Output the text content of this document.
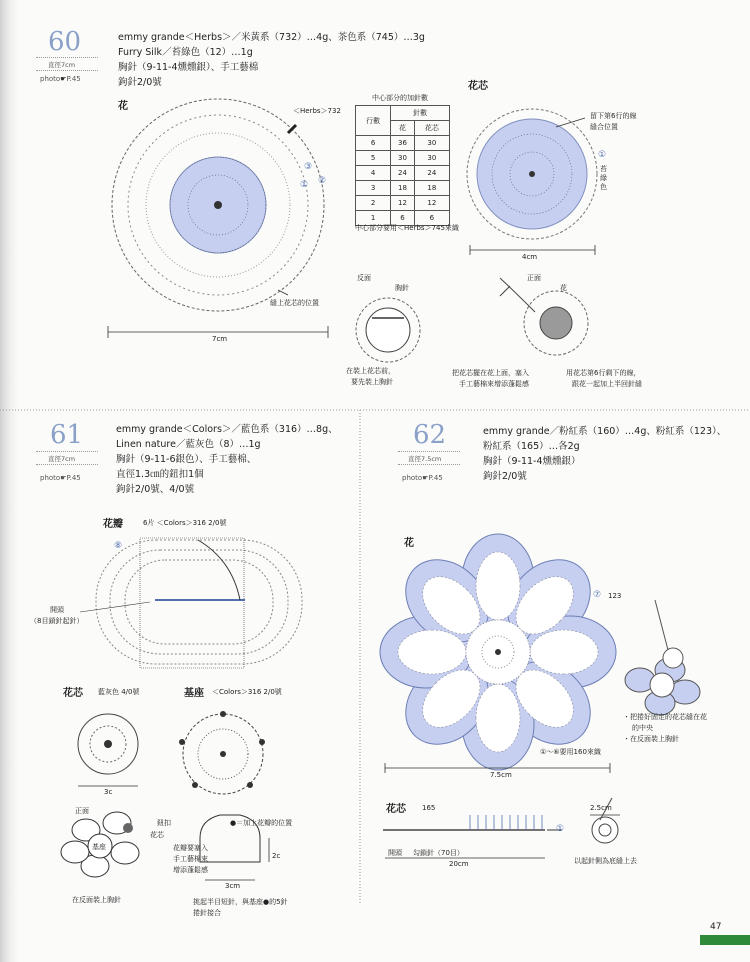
60
直徑7cm
photo☛P.45
emmy grande＜Herbs＞／米黃系（732）…4g、茶色系（745）…3g
Furry Silk／苔綠色（12）…1g
胸針（9-11-4燻燻銀）、手工藝棉
鉤針2/0號
花	＜Herbs＞732
③
②
①
縫上花芯的位置
7cm
中心部分的加針數
行數	針數	
	花	花芯
6	36	30
5	30	30
4	24	24
3	18	18
2	12	12
1	6	6
中心部分要用＜Herbs＞745來織
花芯
留下第6行的線
縫合位置
①
苔綠色
4cm
反面
胸針
在裝上花芯前，
要先裝上胸針
正面
花
把花芯擺在花上面，塞入
手工藝棉來增添蓬鬆感
用花芯第6行剩下的線，
跟花一起加上半回針縫
61
直徑7cm
photo☛P.45
emmy grande＜Colors＞／藍色系（316）…8g、
Linen nature／藍灰色（8）…1g
胸針（9-11-6銀色）、手工藝棉、
直徑1.3㎝的鈕扣1個
鉤針2/0號、4/0號
花瓣	6片 ＜Colors＞316 2/0號
⑧
開頭
（8目鎖針起針）
花芯 藍灰色 4/0號
3c
基座 ＜Colors＞316 2/0號
●＝加上花瓣的位置
正面
鈕扣
花芯
基座
在反面裝上胸針
花瓣要塞入
手工藝棉來
增添蓬鬆感
2c
3cm
挑起半目短針，與基座●的5針
捲針接合
62
直徑7.5cm
photo☛P.45
emmy grande／粉紅系（160）…4g、粉紅系（123）、
粉紅系（165）…各2g
胸針（9-11-4燻燻銀）
鉤針2/0號
花
⑦ 123
①～⑥要用160來織
7.5cm
・把捲好固定的花芯縫在花
的中央
・在反面裝上胸針
花芯 165	2.5cm
開頭 勾鎖針（70目）
20cm
①
以起針側為底縫上去
47
